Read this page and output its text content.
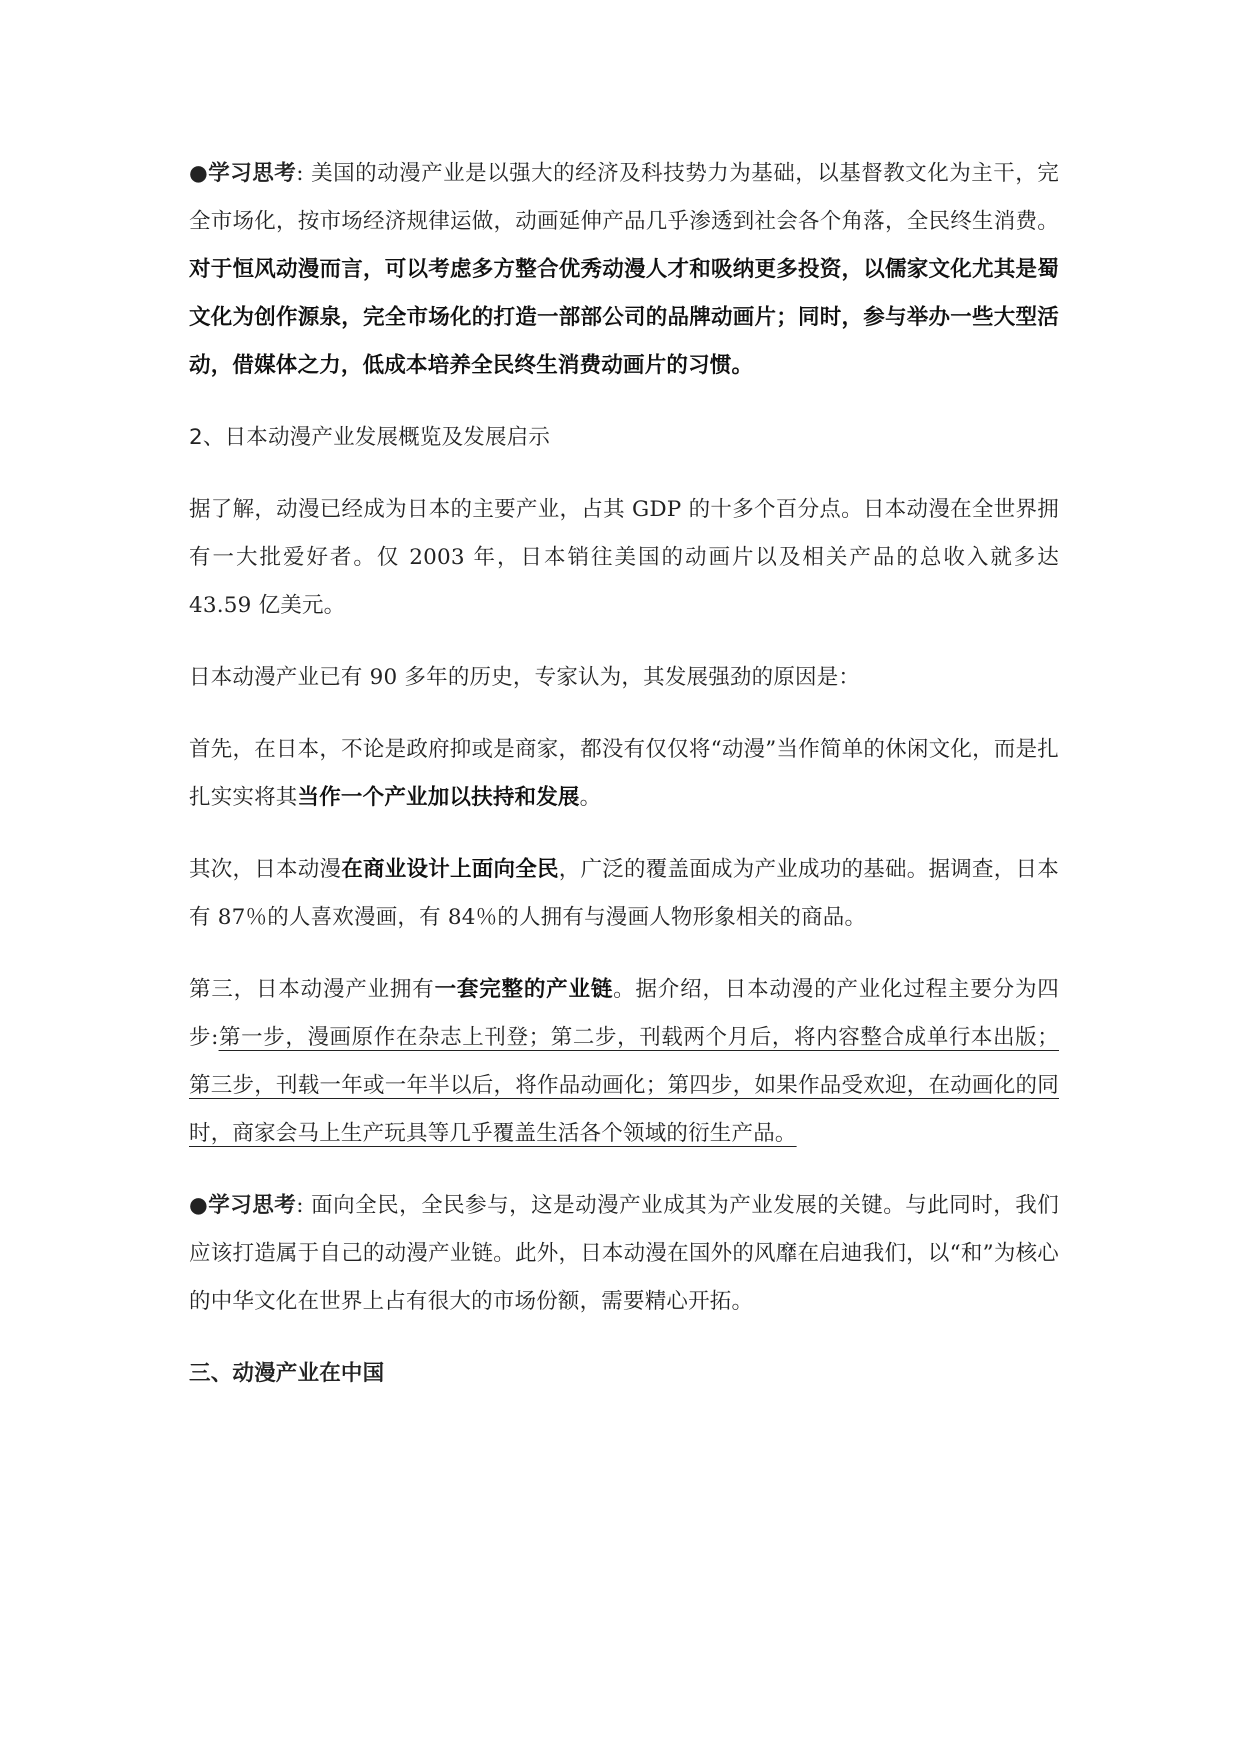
●学习思考: 美国的动漫产业是以强大的经济及科技势力为基础，以基督教文化为主干，完全市场化，按市场经济规律运做，动画延伸产品几乎渗透到社会各个角落，全民终生消费。对于恒风动漫而言，可以考虑多方整合优秀动漫人才和吸纳更多投资，以儒家文化尤其是蜀文化为创作源泉，完全市场化的打造一部部公司的品牌动画片；同时，参与举办一些大型活动，借媒体之力，低成本培养全民终生消费动画片的习惯。

2、日本动漫产业发展概览及发展启示

据了解，动漫已经成为日本的主要产业，占其 GDP 的十多个百分点。日本动漫在全世界拥有一大批爱好者。仅 2003 年，日本销往美国的动画片以及相关产品的总收入就多达 43.59 亿美元。

日本动漫产业已有 90 多年的历史，专家认为，其发展强劲的原因是：

首先，在日本，不论是政府抑或是商家，都没有仅仅将“动漫”当作简单的休闲文化，而是扎扎实实将其当作一个产业加以扶持和发展。

其次，日本动漫在商业设计上面向全民，广泛的覆盖面成为产业成功的基础。据调查，日本有 87％的人喜欢漫画，有 84％的人拥有与漫画人物形象相关的商品。

第三，日本动漫产业拥有一套完整的产业链。据介绍，日本动漫的产业化过程主要分为四步:第一步，漫画原作在杂志上刊登；第二步，刊载两个月后，将内容整合成单行本出版；第三步，刊载一年或一年半以后，将作品动画化；第四步，如果作品受欢迎，在动画化的同时，商家会马上生产玩具等几乎覆盖生活各个领域的衍生产品。

●学习思考: 面向全民，全民参与，这是动漫产业成其为产业发展的关键。与此同时，我们应该打造属于自己的动漫产业链。此外，日本动漫在国外的风靡在启迪我们，以“和”为核心的中华文化在世界上占有很大的市场份额，需要精心开拓。

三、动漫产业在中国
